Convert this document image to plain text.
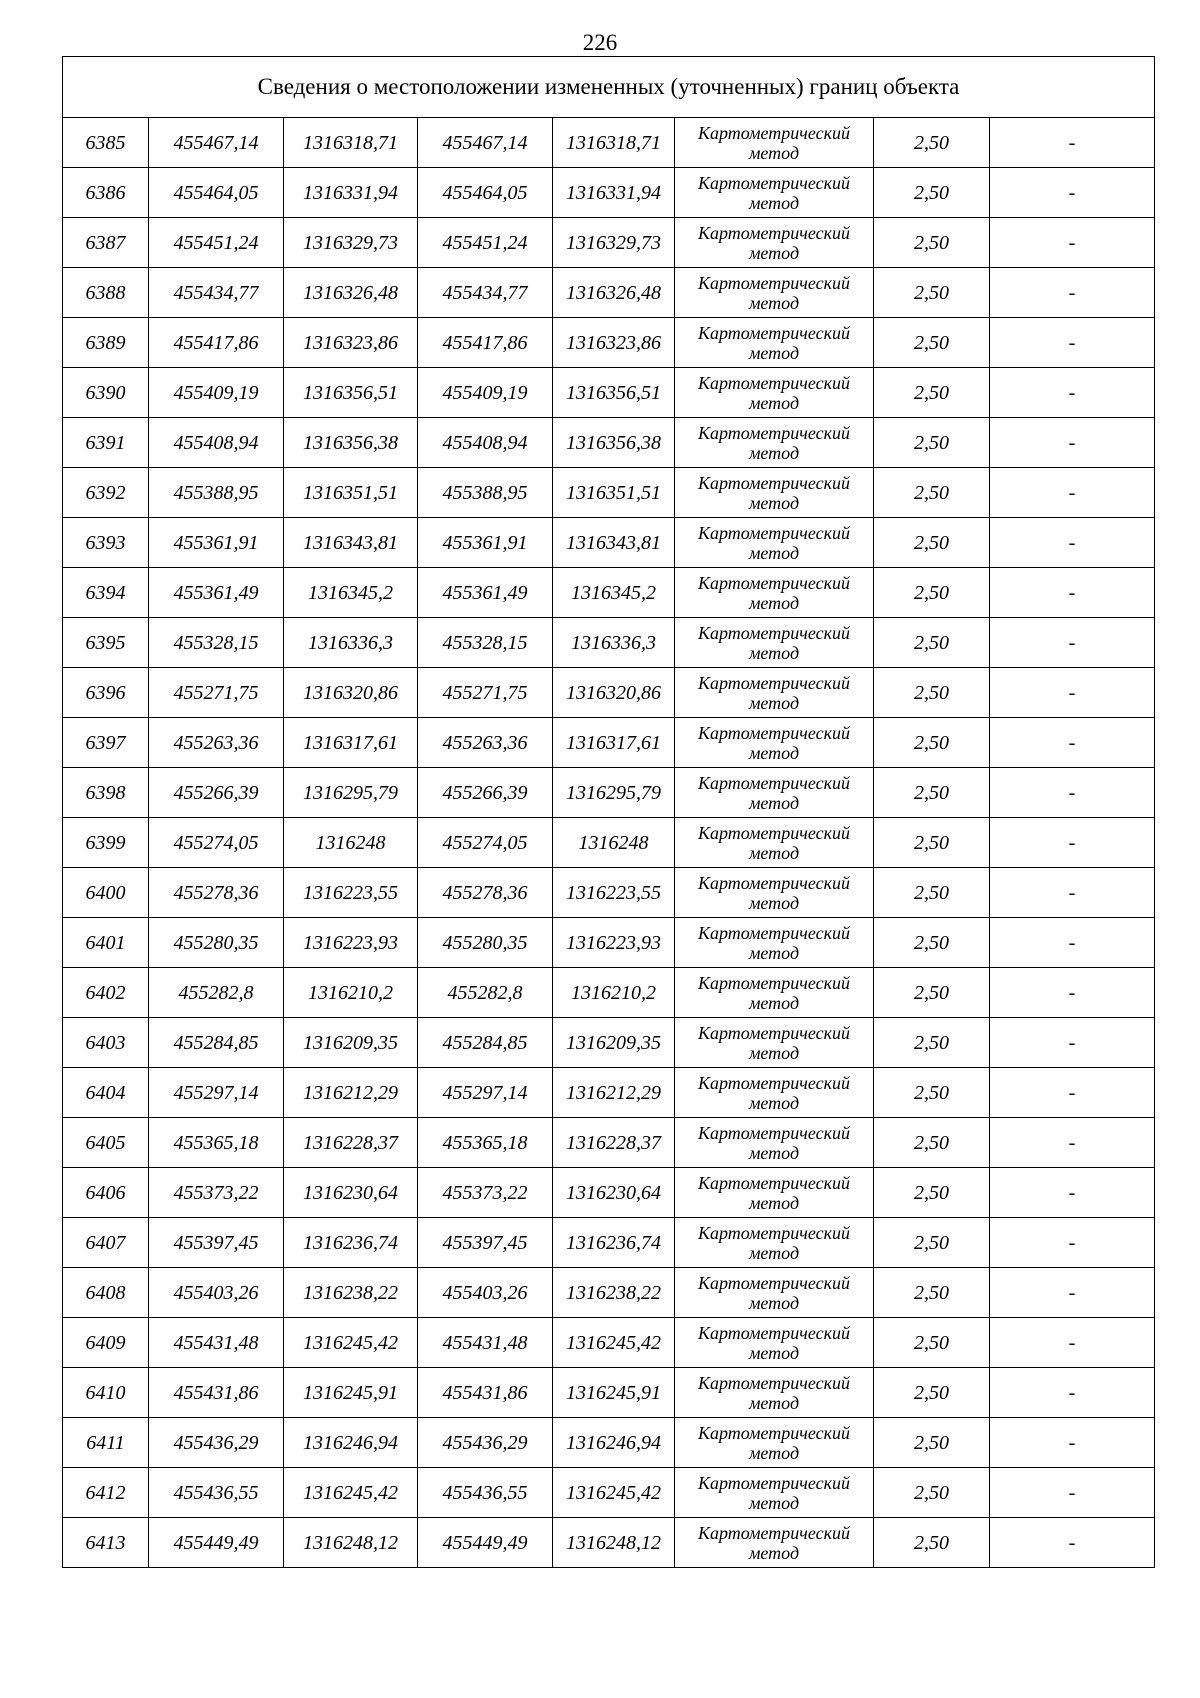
226
Сведения о местоположении измененных (уточненных) границ объекта							
6385	455467,14	1316318,71	455467,14	1316318,71	Картометрический метод	2,50	-
6386	455464,05	1316331,94	455464,05	1316331,94	Картометрический метод	2,50	-
6387	455451,24	1316329,73	455451,24	1316329,73	Картометрический метод	2,50	-
6388	455434,77	1316326,48	455434,77	1316326,48	Картометрический метод	2,50	-
6389	455417,86	1316323,86	455417,86	1316323,86	Картометрический метод	2,50	-
6390	455409,19	1316356,51	455409,19	1316356,51	Картометрический метод	2,50	-
6391	455408,94	1316356,38	455408,94	1316356,38	Картометрический метод	2,50	-
6392	455388,95	1316351,51	455388,95	1316351,51	Картометрический метод	2,50	-
6393	455361,91	1316343,81	455361,91	1316343,81	Картометрический метод	2,50	-
6394	455361,49	1316345,2	455361,49	1316345,2	Картометрический метод	2,50	-
6395	455328,15	1316336,3	455328,15	1316336,3	Картометрический метод	2,50	-
6396	455271,75	1316320,86	455271,75	1316320,86	Картометрический метод	2,50	-
6397	455263,36	1316317,61	455263,36	1316317,61	Картометрический метод	2,50	-
6398	455266,39	1316295,79	455266,39	1316295,79	Картометрический метод	2,50	-
6399	455274,05	1316248	455274,05	1316248	Картометрический метод	2,50	-
6400	455278,36	1316223,55	455278,36	1316223,55	Картометрический метод	2,50	-
6401	455280,35	1316223,93	455280,35	1316223,93	Картометрический метод	2,50	-
6402	455282,8	1316210,2	455282,8	1316210,2	Картометрический метод	2,50	-
6403	455284,85	1316209,35	455284,85	1316209,35	Картометрический метод	2,50	-
6404	455297,14	1316212,29	455297,14	1316212,29	Картометрический метод	2,50	-
6405	455365,18	1316228,37	455365,18	1316228,37	Картометрический метод	2,50	-
6406	455373,22	1316230,64	455373,22	1316230,64	Картометрический метод	2,50	-
6407	455397,45	1316236,74	455397,45	1316236,74	Картометрический метод	2,50	-
6408	455403,26	1316238,22	455403,26	1316238,22	Картометрический метод	2,50	-
6409	455431,48	1316245,42	455431,48	1316245,42	Картометрический метод	2,50	-
6410	455431,86	1316245,91	455431,86	1316245,91	Картометрический метод	2,50	-
6411	455436,29	1316246,94	455436,29	1316246,94	Картометрический метод	2,50	-
6412	455436,55	1316245,42	455436,55	1316245,42	Картометрический метод	2,50	-
6413	455449,49	1316248,12	455449,49	1316248,12	Картометрический метод	2,50	-
